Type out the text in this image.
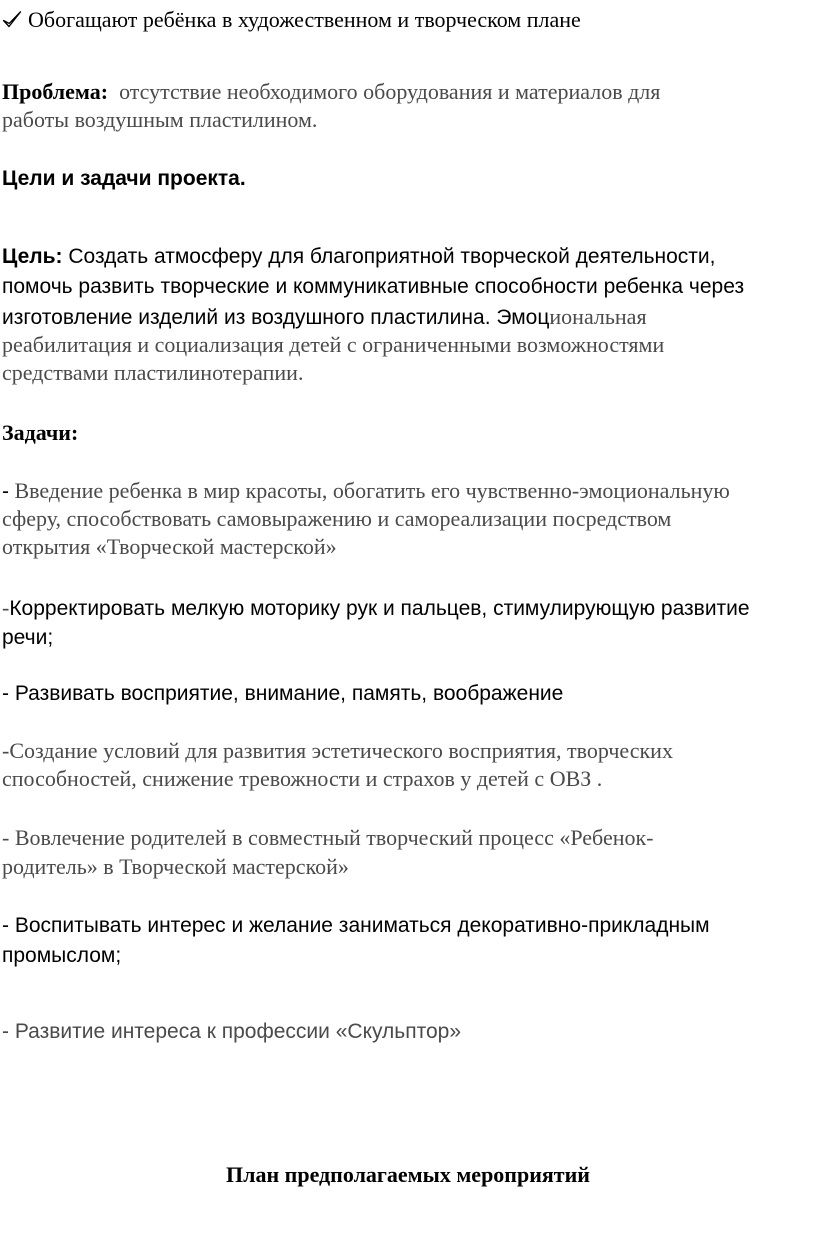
Обогащают ребёнка в художественном и творческом плане
Проблема: отсутствие необходимого оборудования и материалов для
работы воздушным пластилином.
Цели и задачи проекта.
Цель: Создать атмосферу для благоприятной творческой деятельности,
помочь развить творческие и коммуникативные способности ребенка через
изготовление изделий из воздушного пластилина. Эмоциональная
реабилитация и социализация детей с ограниченными возможностями
средствами пластилинотерапии.
Задачи:
- Введение ребенка в мир красоты, обогатить его чувственно-эмоциональную
сферу, способствовать самовыражению и самореализации посредством
открытия «Творческой мастерской»
-Корректировать мелкую моторику рук и пальцев, стимулирующую развитие
речи;
- Развивать восприятие, внимание, память, воображение
-Создание условий для развития эстетического восприятия, творческих
способностей, снижение тревожности и страхов у детей с ОВЗ .
- Вовлечение родителей в совместный творческий процесс «Ребенок-
родитель» в Творческой мастерской»
- Воспитывать интерес и желание заниматься декоративно-прикладным
промыслом;
- Развитие интереса к профессии «Скульптор»
План предполагаемых мероприятий
